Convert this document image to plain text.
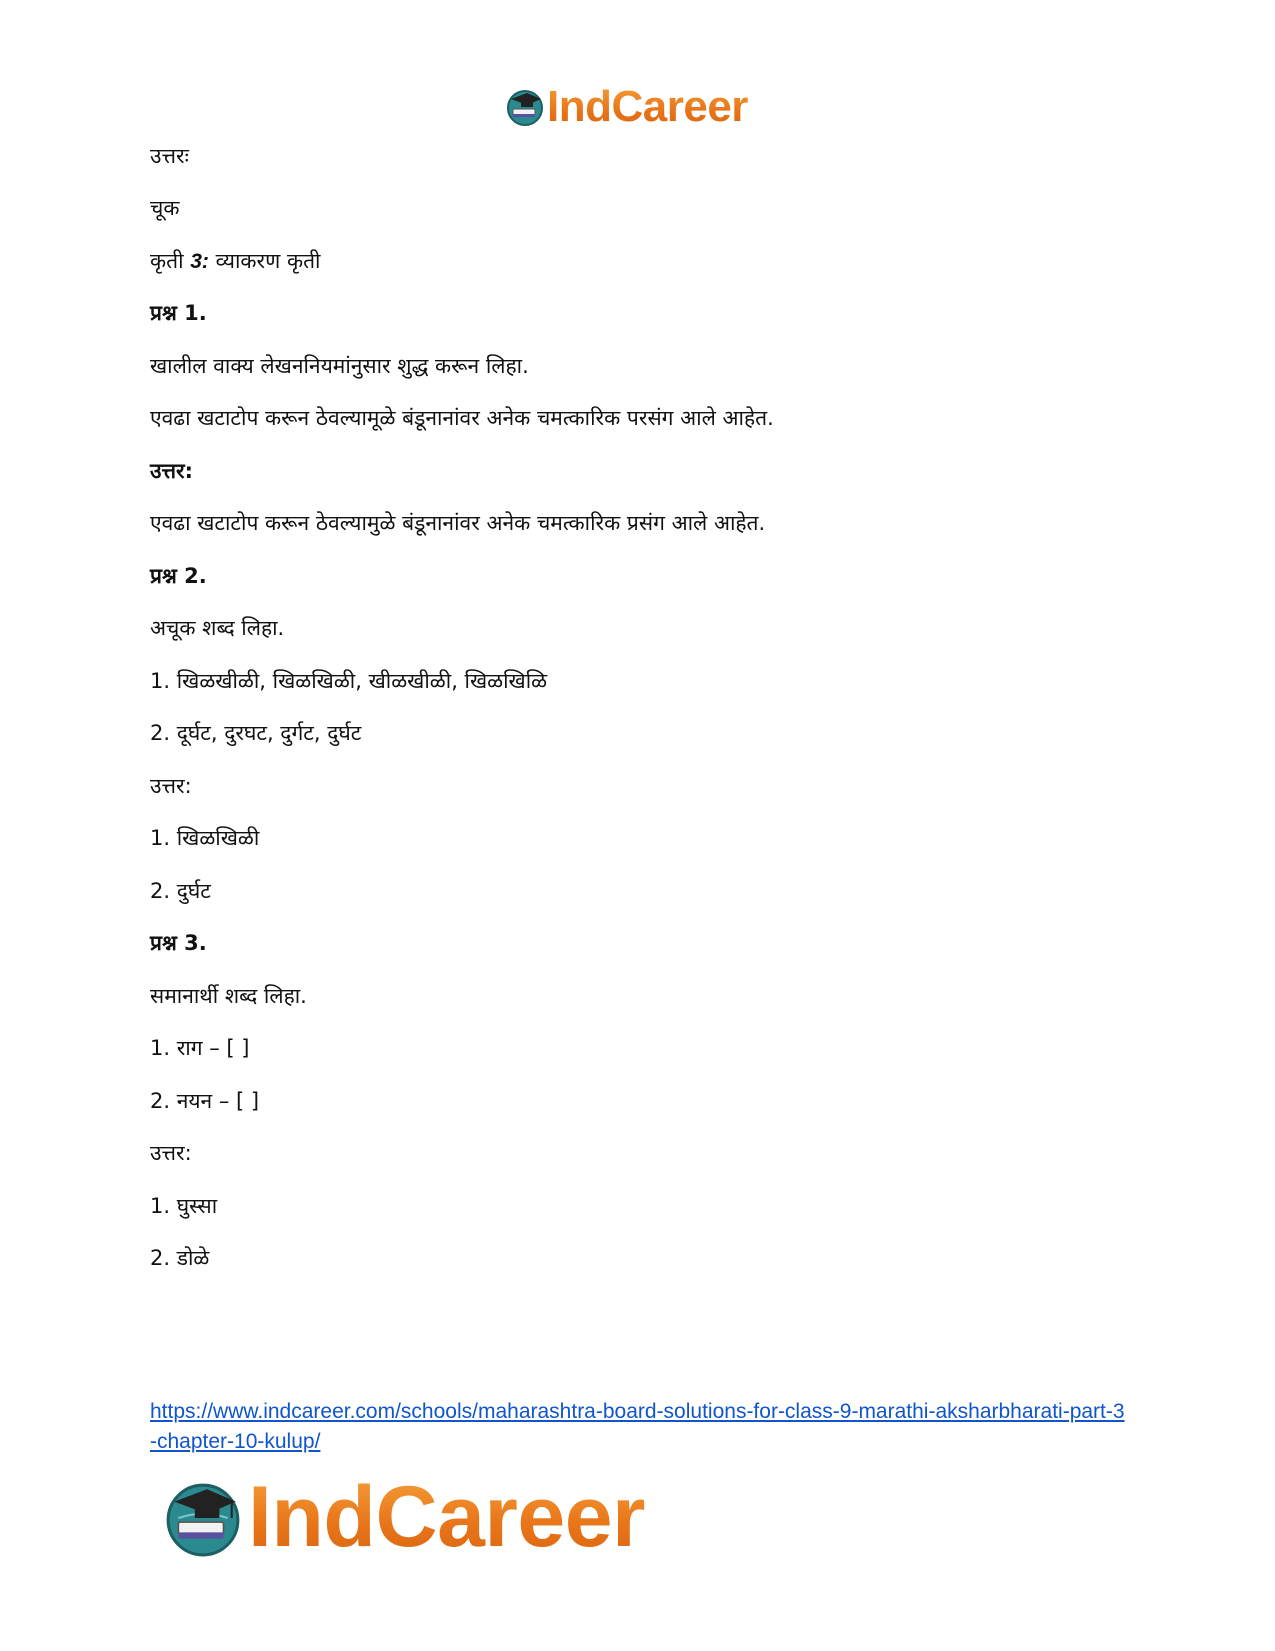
IndCareer
उत्तरः
चूक
कृती 3: व्याकरण कृती
प्रश्न 1.
खालील वाक्य लेखननियमांनुसार शुद्ध करून लिहा.
एवढा खटाटोप करून ठेवल्यामूळे बंडूनानांवर अनेक चमत्कारिक परसंग आले आहेत.
उत्तर:
एवढा खटाटोप करून ठेवल्यामुळे बंडूनानांवर अनेक चमत्कारिक प्रसंग आले आहेत.
प्रश्न 2.
अचूक शब्द लिहा.
1. खिळखीळी, खिळखिळी, खीळखीळी, खिळखिळि
2. दूर्घट, दुरघट, दुर्गट, दुर्घट
उत्तर:
1. खिळखिळी
2. दुर्घट
प्रश्न 3.
समानार्थी शब्द लिहा.
1. राग – [ ]
2. नयन – [ ]
उत्तर:
1. घुस्सा
2. डोळे
https://www.indcareer.com/schools/maharashtra-board-solutions-for-class-9-marathi-aksharbharati-part-3-chapter-10-kulup/
IndCareer
